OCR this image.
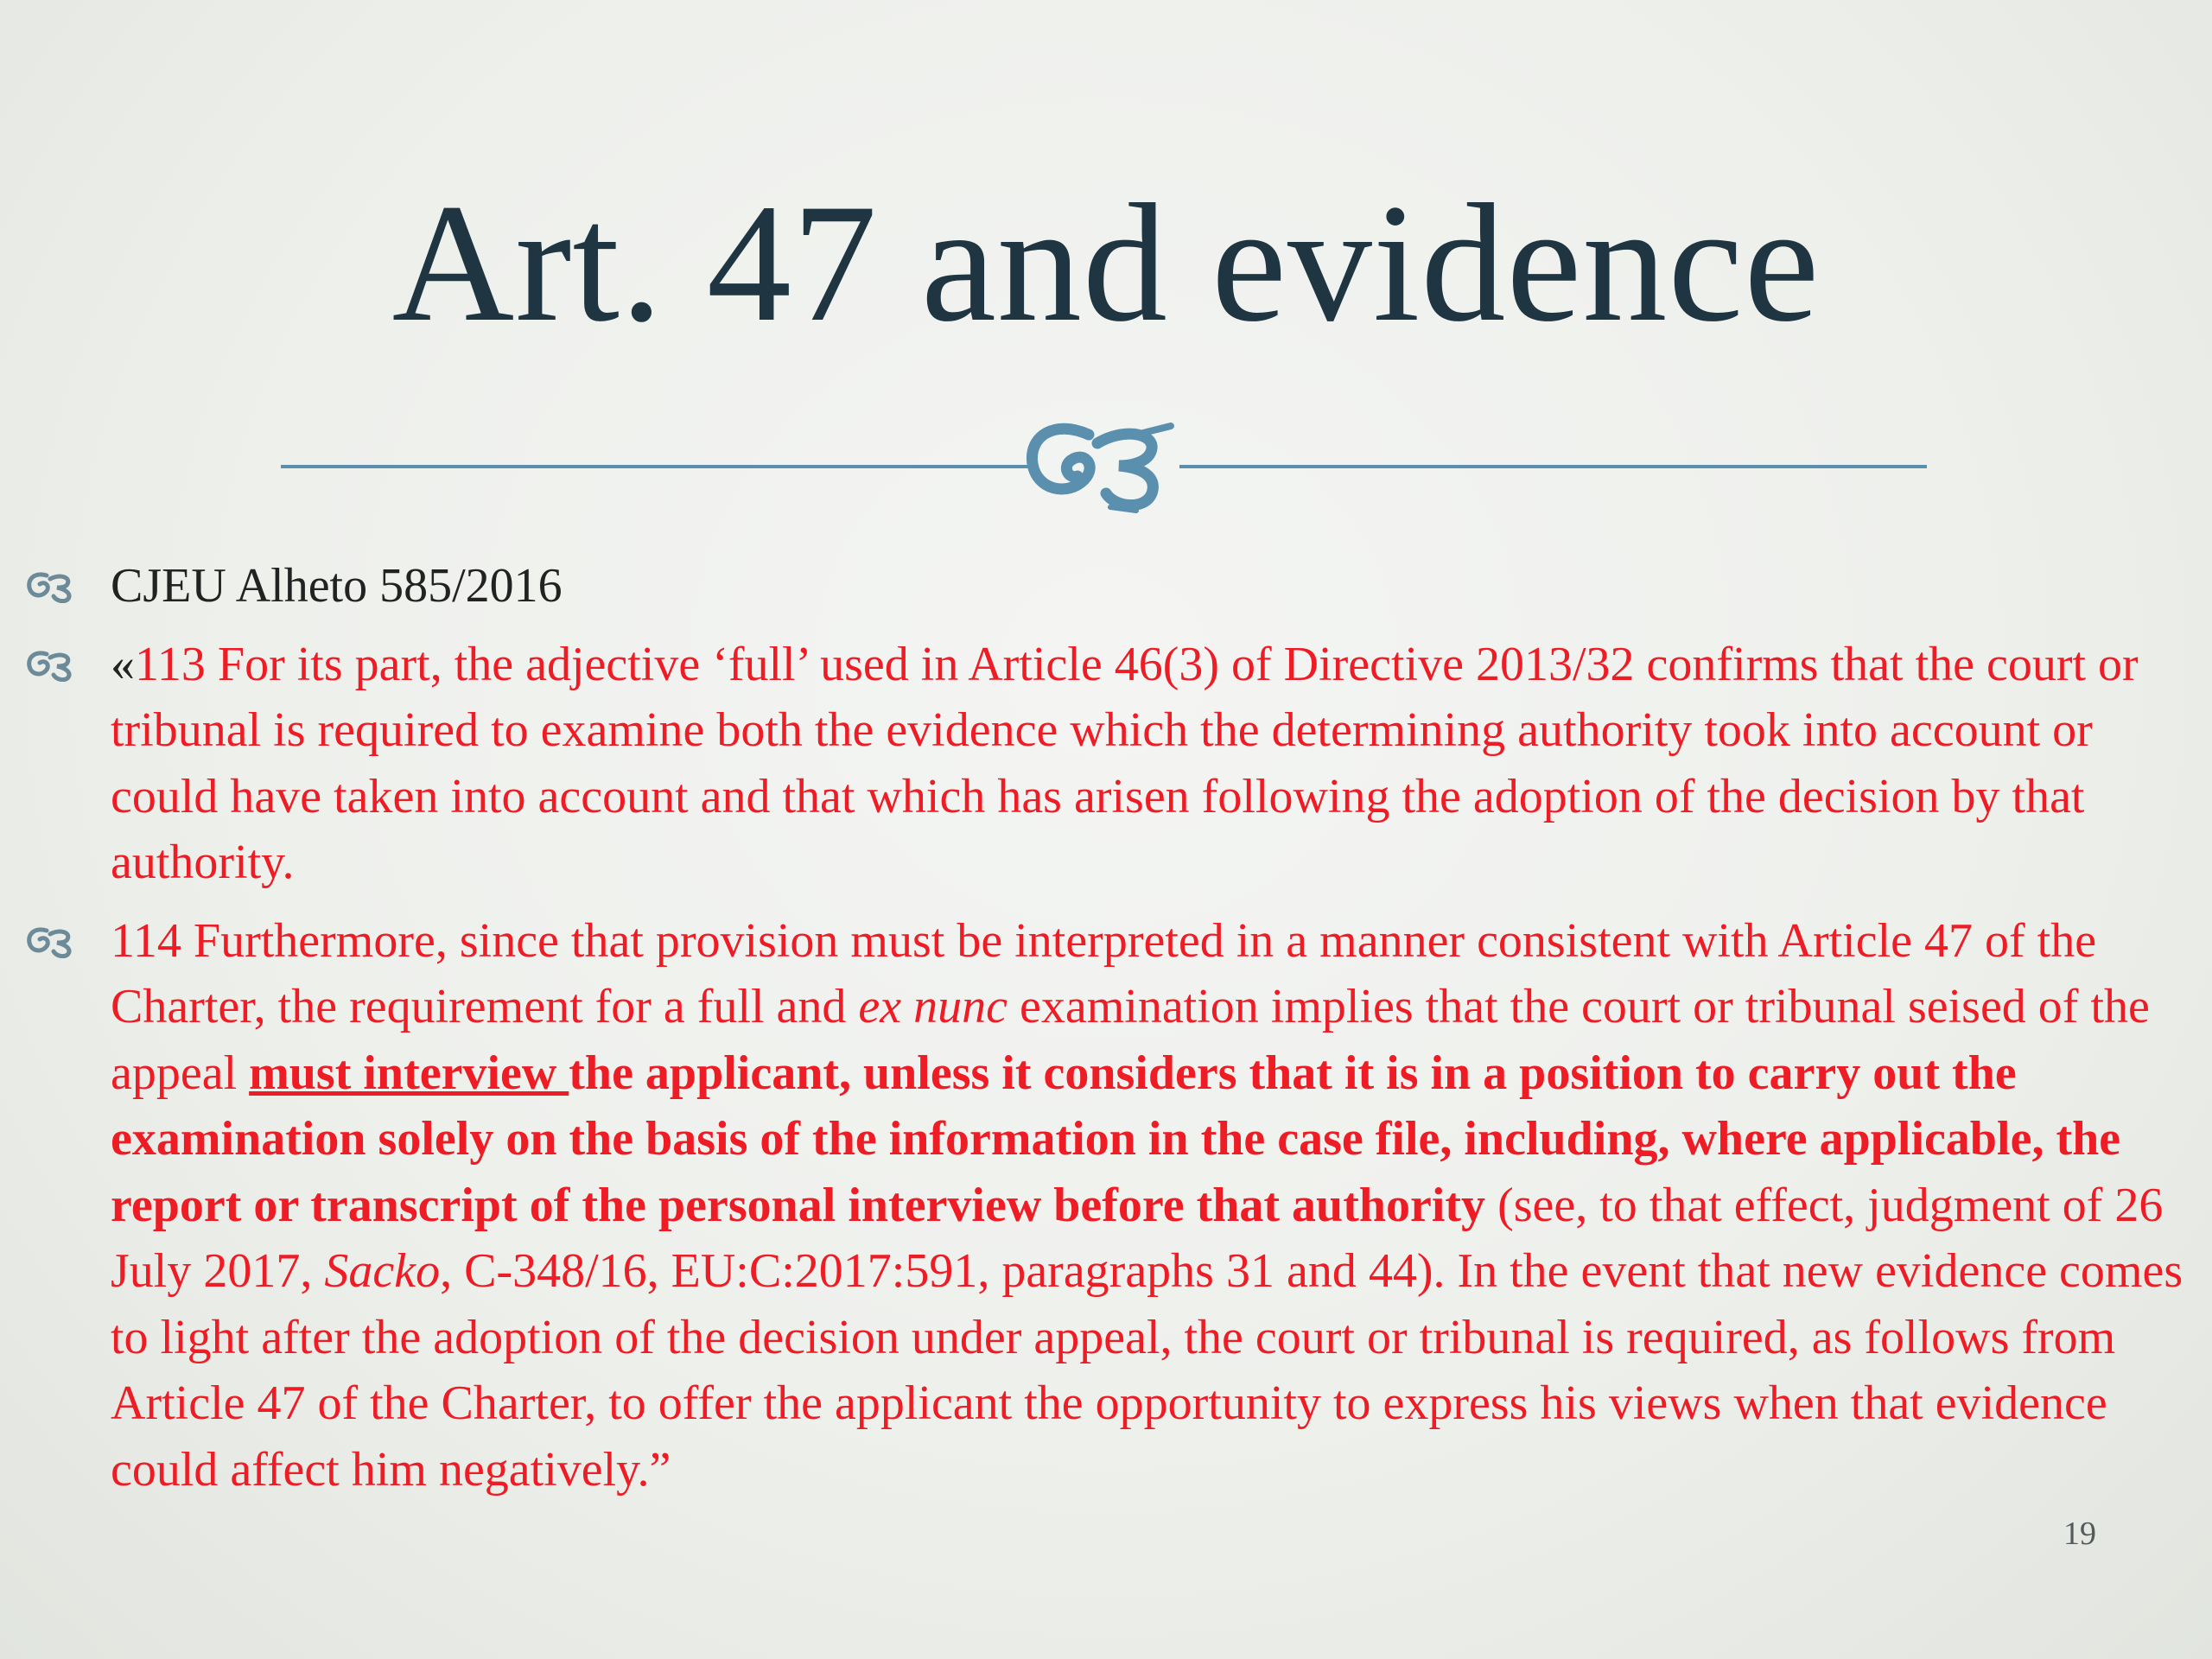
Art. 47 and evidence
CJEU Alheto 585/2016
«113 For its part, the adjective ‘full’ used in Article 46(3) of Directive 2013/32 confirms that the court or tribunal is required to examine both the evidence which the determining authority took into account or could have taken into account and that which has arisen following the adoption of the decision by that authority.
114 Furthermore, since that provision must be interpreted in a manner consistent with Article 47 of the Charter, the requirement for a full and ex nunc examination implies that the court or tribunal seised of the appeal must interview the applicant, unless it considers that it is in a position to carry out the examination solely on the basis of the information in the case file, including, where applicable, the report or transcript of the personal interview before that authority (see, to that effect, judgment of 26 July 2017, Sacko, C-348/16, EU:C:2017:591, paragraphs 31 and 44). In the event that new evidence comes to light after the adoption of the decision under appeal, the court or tribunal is required, as follows from Article 47 of the Charter, to offer the applicant the opportunity to express his views when that evidence could affect him negatively.”
19
